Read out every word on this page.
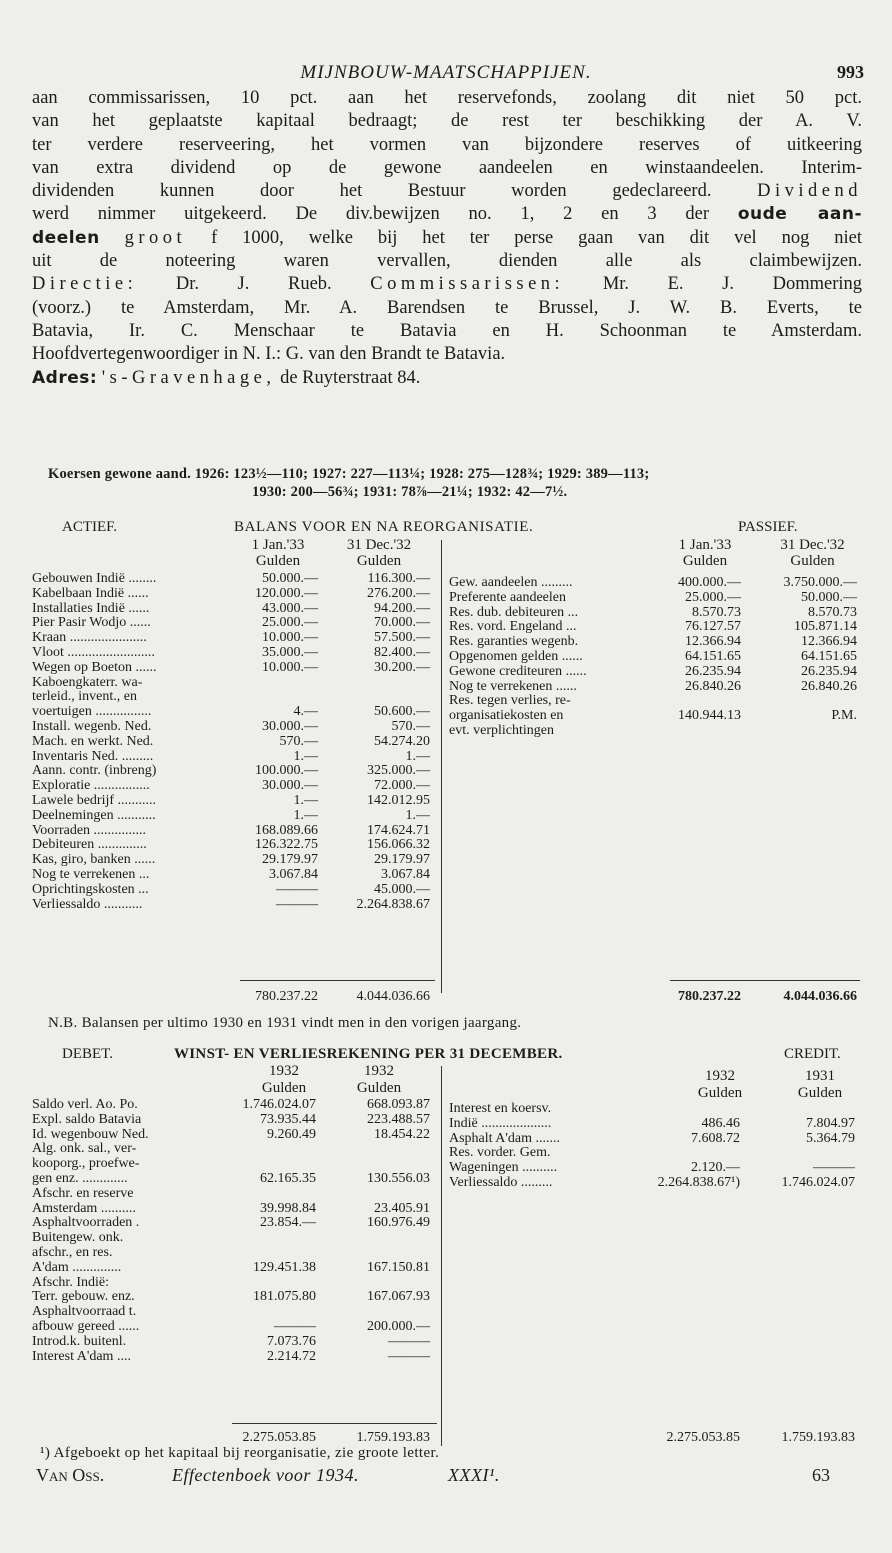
MIJNBOUW-MAATSCHAPPIJEN.	993
aan commissarissen, 10 pct. aan het reservefonds, zoolang dit niet 50 pct.
van het geplaatste kapitaal bedraagt; de rest ter beschikking der A. V.
ter verdere reserveering, het vormen van bijzondere reserves of uitkeering
van extra dividend op de gewone aandeelen en winstaandeelen. Interim-
dividenden kunnen door het Bestuur worden gedeclareerd. Dividend
werd nimmer uitgekeerd. De div.bewijzen no. 1, 2 en 3 der oude aan-
deelen groot f 1000, welke bij het ter perse gaan van dit vel nog niet
uit de noteering waren vervallen, dienden alle als claimbewijzen.
Directie: Dr. J. Rueb. Commissarissen: Mr. E. J. Dommering
(voorz.) te Amsterdam, Mr. A. Barendsen te Brussel, J. W. B. Everts, te
Batavia, Ir. C. Menschaar te Batavia en H. Schoonman te Amsterdam.
Hoofdvertegenwoordiger in N. I.: G. van den Brandt te Batavia.
Adres: 's-Gravenhage, de Ruyterstraat 84.
Koersen gewone aand. 1926: 123½—110; 1927: 227—113¼; 1928: 275—128¾; 1929: 389—113;
1930: 200—56¾; 1931: 78⅞—21¼; 1932: 42—7½.
ACTIEF.	BALANS VOOR EN NA REORGANISATIE.	PASSIEF.
1 Jan.'33	31 Dec.'32
Gulden	Gulden
1 Jan.'33	31 Dec.'32
Gulden	Gulden
Gebouwen Indië ........	50.000.—	116.300.—
Kabelbaan Indië ......	120.000.—	276.200.—
Installaties Indië ......	43.000.—	94.200.—
Pier Pasir Wodjo ......	25.000.—	70.000.—
Kraan ......................	10.000.—	57.500.—
Vloot .........................	35.000.—	82.400.—
Wegen op Boeton ......	10.000.—	30.200.—
Kaboengkaterr. wa-
terleid., invent., en
voertuigen ................	4.—	50.600.—
Install. wegenb. Ned.	30.000.—	570.—
Mach. en werkt. Ned.	570.—	54.274.20
Inventaris Ned. .........	1.—	1.—
Aann. contr. (inbreng)	100.000.—	325.000.—
Exploratie ................	30.000.—	72.000.—
Lawele bedrijf ...........	1.—	142.012.95
Deelnemingen ...........	1.—	1.—
Voorraden ...............	168.089.66	174.624.71
Debiteuren ..............	126.322.75	156.066.32
Kas, giro, banken ......	29.179.97	29.179.97
Nog te verrekenen ...	3.067.84	3.067.84
Oprichtingskosten ...	———	45.000.—
Verliessaldo ...........	———	2.264.838.67
Gew. aandeelen .........	400.000.—	3.750.000.—
Preferente aandeelen	25.000.—	50.000.—
Res. dub. debiteuren ...	8.570.73	8.570.73
Res. vord. Engeland ...	76.127.57	105.871.14
Res. garanties wegenb.	12.366.94	12.366.94
Opgenomen gelden ......	64.151.65	64.151.65
Gewone crediteuren ......	26.235.94	26.235.94
Nog te verrekenen ......	26.840.26	26.840.26
Res. tegen verlies, re-
organisatiekosten en	140.944.13	P.M.
evt. verplichtingen
780.237.22	4.044.036.66	780.237.22	4.044.036.66
N.B. Balansen per ultimo 1930 en 1931 vindt men in den vorigen jaargang.
DEBET.	WINST- EN VERLIESREKENING PER 31 DECEMBER.	CREDIT.
1932	1932
Gulden	Gulden
1932	1931
Gulden	Gulden
Saldo verl. Ao. Po.	1.746.024.07	668.093.87
Expl. saldo Batavia	73.935.44	223.488.57
Id. wegenbouw Ned.	9.260.49	18.454.22
Alg. onk. sal., ver-
kooporg., proefwe-
gen enz. .............	62.165.35	130.556.03
Afschr. en reserve
Amsterdam ..........	39.998.84	23.405.91
Asphaltvoorraden .	23.854.—	160.976.49
Buitengew. onk.
afschr., en res.
A'dam ..............	129.451.38	167.150.81
Afschr. Indië:
Terr. gebouw. enz.	181.075.80	167.067.93
Asphaltvoorraad t.
afbouw gereed ......	———	200.000.—
Introd.k. buitenl.	7.073.76	———
Interest A'dam ....	2.214.72	———
Interest en koersv.
Indië ....................	486.46	7.804.97
Asphalt A'dam .......	7.608.72	5.364.79
Res. vorder. Gem.
Wageningen ..........	2.120.—	———
Verliessaldo .........	2.264.838.67¹)	1.746.024.07
2.275.053.85	1.759.193.83	2.275.053.85	1.759.193.83
¹) Afgeboekt op het kapitaal bij reorganisatie, zie groote letter.
Van Oss.	Effectenboek voor 1934.	XXXI¹.	63
